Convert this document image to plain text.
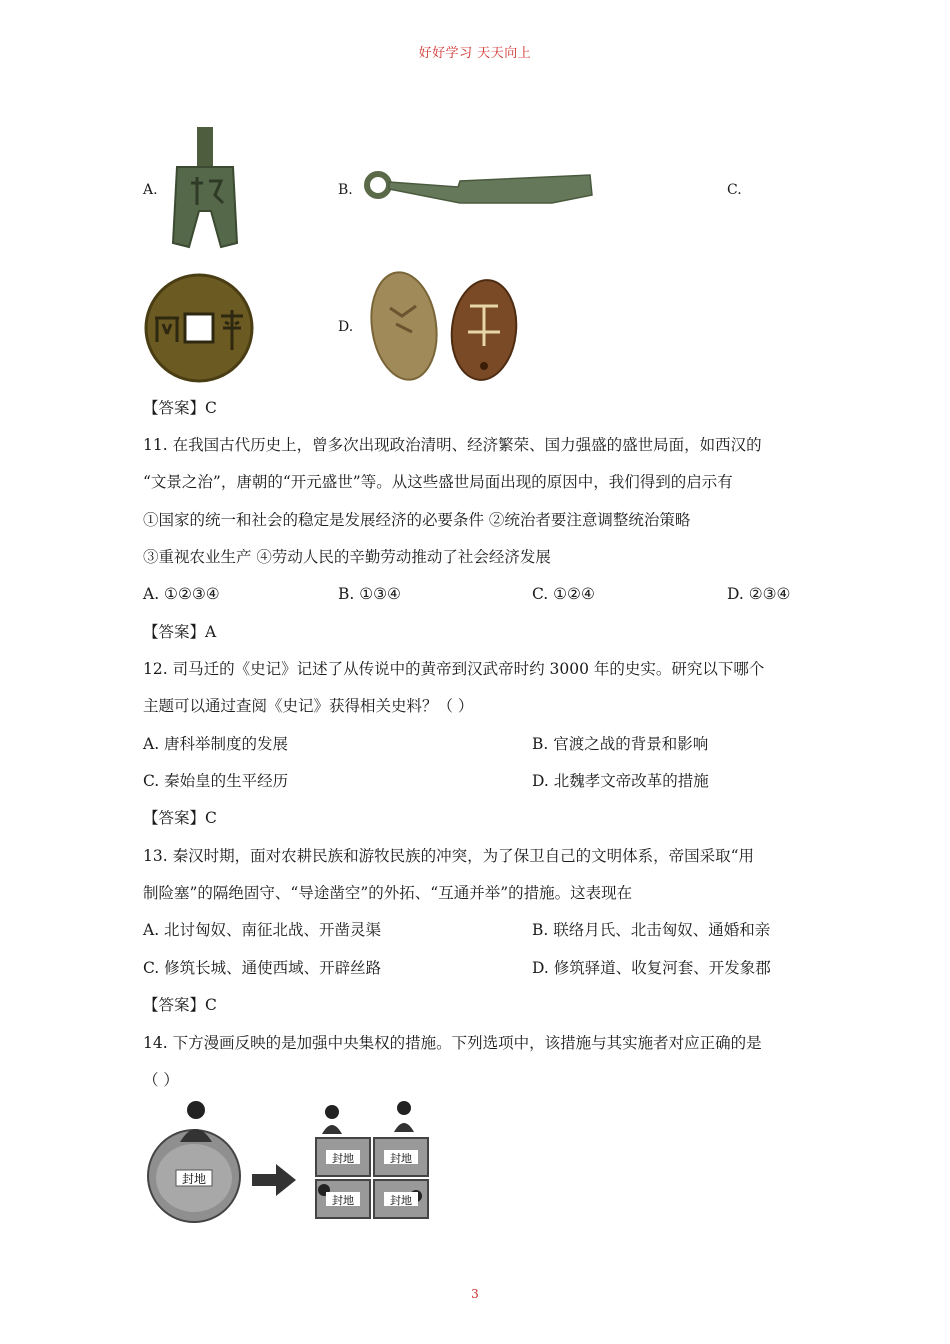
好好学习 天天向上
A.	B.	C.
D.
【答案】C
11. 在我国古代历史上，曾多次出现政治清明、经济繁荣、国力强盛的盛世局面，如西汉的
“文景之治”，唐朝的“开元盛世”等。从这些盛世局面出现的原因中，我们得到的启示有
①国家的统一和社会的稳定是发展经济的必要条件 ②统治者要注意调整统治策略
③重视农业生产 ④劳动人民的辛勤劳动推动了社会经济发展
A. ①②③④	B. ①③④	C. ①②④	D. ②③④
【答案】A
12. 司马迁的《史记》记述了从传说中的黄帝到汉武帝时约 3000 年的史实。研究以下哪个
主题可以通过查阅《史记》获得相关史料？（ ）
A. 唐科举制度的发展	B. 官渡之战的背景和影响
C. 秦始皇的生平经历	D. 北魏孝文帝改革的措施
【答案】C
13. 秦汉时期，面对农耕民族和游牧民族的冲突，为了保卫自己的文明体系，帝国采取“用
制险塞”的隔绝固守、“导途凿空”的外拓、“互通并举”的措施。这表现在
A. 北讨匈奴、南征北战、开凿灵渠	B. 联络月氏、北击匈奴、通婚和亲
C. 修筑长城、通使西域、开辟丝路	D. 修筑驿道、收复河套、开发象郡
【答案】C
14. 下方漫画反映的是加强中央集权的措施。下列选项中，该措施与其实施者对应正确的是
（ ）
封地
封地	封地
封地	封地
3
